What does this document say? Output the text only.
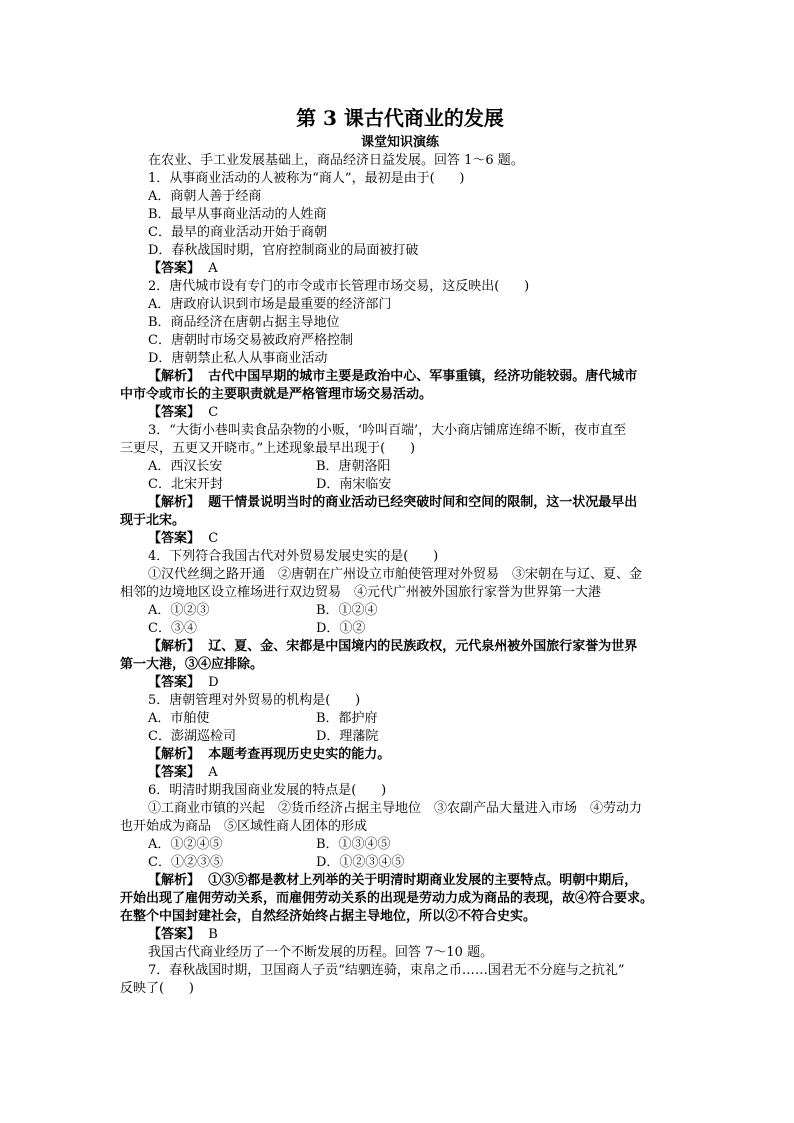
第 3 课古代商业的发展
课堂知识演练
在农业、手工业发展基础上，商品经济日益发展。回答 1～6 题。
1．从事商业活动的人被称为“商人”，最初是由于(      )
A．商朝人善于经商
B．最早从事商业活动的人姓商
C．最早的商业活动开始于商朝
D．春秋战国时期，官府控制商业的局面被打破
【答案】 A
2．唐代城市设有专门的市令或市长管理市场交易，这反映出(      )
A．唐政府认识到市场是最重要的经济部门
B．商品经济在唐朝占据主导地位
C．唐朝时市场交易被政府严格控制
D．唐朝禁止私人从事商业活动
【解析】 古代中国早期的城市主要是政治中心、军事重镇，经济功能较弱。唐代城市
中市令或市长的主要职责就是严格管理市场交易活动。
【答案】 C
3．“大街小巷叫卖食品杂物的小贩，‘吟叫百端’，大小商店铺席连绵不断，夜市直至
三更尽，五更又开晓市。”上述现象最早出现于(      )
A．西汉长安	B．唐朝洛阳
C．北宋开封	D．南宋临安
【解析】 题干情景说明当时的商业活动已经突破时间和空间的限制，这一状况最早出
现于北宋。
【答案】 C
4．下列符合我国古代对外贸易发展史实的是(      )
①汉代丝绸之路开通　②唐朝在广州设立市舶使管理对外贸易　③宋朝在与辽、夏、金
相邻的边境地区设立榷场进行双边贸易　④元代广州被外国旅行家誉为世界第一大港
A．①②③	B．①②④
C．③④	D．①②
【解析】 辽、夏、金、宋都是中国境内的民族政权，元代泉州被外国旅行家誉为世界
第一大港，③④应排除。
【答案】 D
5．唐朝管理对外贸易的机构是(      )
A．市舶使	B．都护府
C．澎湖巡检司	D．理藩院
【解析】 本题考查再现历史史实的能力。
【答案】 A
6．明清时期我国商业发展的特点是(      )
①工商业市镇的兴起　②货币经济占据主导地位　③农副产品大量进入市场　④劳动力
也开始成为商品　⑤区域性商人团体的形成
A．①②④⑤	B．①③④⑤
C．①②③⑤	D．①②③④⑤
【解析】 ①③⑤都是教材上列举的关于明清时期商业发展的主要特点。明朝中期后，
开始出现了雇佣劳动关系，而雇佣劳动关系的出现是劳动力成为商品的表现，故④符合要求。
在整个中国封建社会，自然经济始终占据主导地位，所以②不符合史实。
【答案】 B
我国古代商业经历了一个不断发展的历程。回答 7～10 题。
7．春秋战国时期，卫国商人子贡“结驷连骑，束帛之币……国君无不分庭与之抗礼”
反映了(      )
